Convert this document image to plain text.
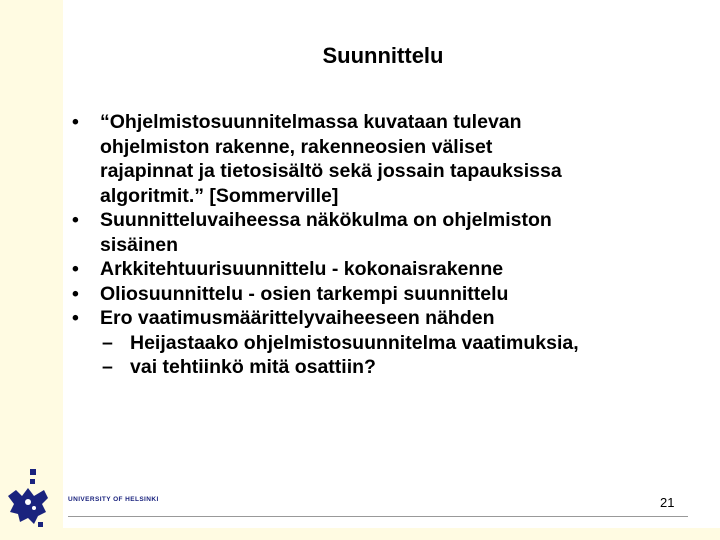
Suunnittelu
•	“Ohjelmistosuunnitelmassa kuvataan tulevan
ohjelmiston rakenne, rakenneosien väliset
rajapinnat ja tietosisältö sekä jossain tapauksissa
algoritmit.” [Sommerville]
•	Suunnitteluvaiheessa näkökulma on ohjelmiston
sisäinen
•	Arkkitehtuurisuunnittelu - kokonaisrakenne
•	Oliosuunnittelu - osien tarkempi suunnittelu
•	Ero vaatimusmäärittelyvaiheeseen nähden
– Heijastaako ohjelmistosuunnitelma vaatimuksia,
– vai tehtiinkö mitä osattiin?
UNIVERSITY OF HELSINKI	21
